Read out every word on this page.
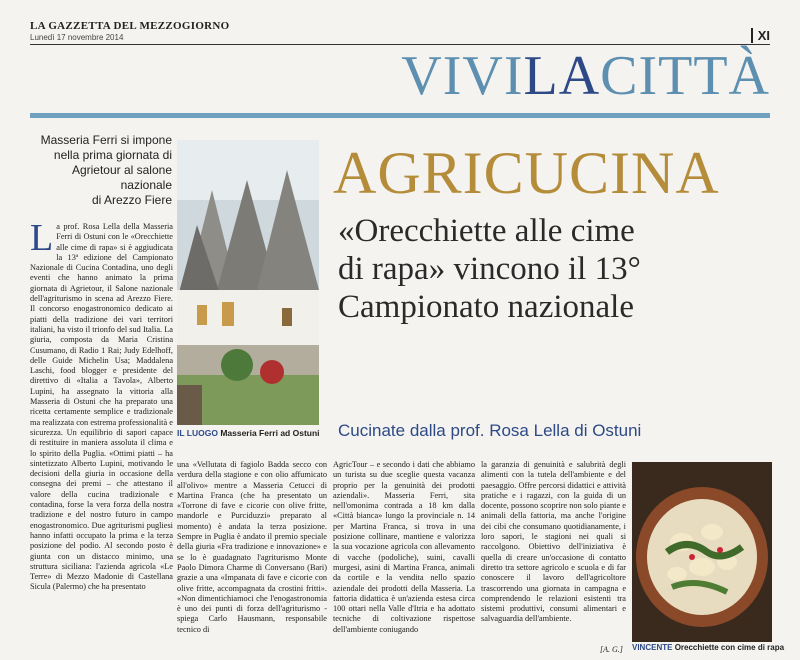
LA GAZZETTA DEL MEZZOGIORNO
Lunedì 17 novembre 2014	XI
VIVILACITTÀ
Masseria Ferri si impone
nella prima giornata di
Agrietour al salone nazionale
di Arezzo Fiere
IL LUOGO Masseria Ferri ad Ostuni
AGRICUCINA
«Orecchiette alle cime
di rapa» vincono il 13°
Campionato nazionale
Cucinate dalla prof. Rosa Lella di Ostuni
La prof. Rosa Lella della Masseria Ferri di Ostuni con le «Orecchiette alle cime di rapa» si è aggiudicata la 13ª edizione del Campionato Nazionale di Cucina Contadina, uno degli eventi che hanno animato la prima giornata di Agrietour, il Salone nazionale dell'agriturismo in scena ad Arezzo Fiere. Il concorso enogastronomico dedicato ai piatti della tradizione dei vari territori italiani, ha visto il trionfo del sud Italia. La giuria, composta da Maria Cristina Cusumano, di Radio 1 Rai; Judy Edelhoff, delle Guide Michelin Usa; Maddalena Laschi, food blogger e presidente del direttivo di «Italia a Tavola», Alberto Lupini, ha assegnato la vittoria alla Masseria di Ostuni che ha preparato una ricetta certamente semplice e tradizionale ma realizzata con estrema professionalità e sicurezza. Un equilibrio di sapori capace di restituire in maniera assoluta il clima e lo spirito della Puglia. «Ottimi piatti – ha sintetizzato Alberto Lupini, motivando le decisioni della giuria in occasione della consegna dei premi – che attestano il valore della cucina tradizionale e contadina, forse la vera forza della nostra tradizione e del nostro futuro in campo enogastronomico. Due agriturismi pugliesi hanno infatti occupato la prima e la terza posizione del podio. Al secondo posto è giunta con un distacco minimo, una struttura siciliana: l'azienda agricola «Le Terre» di Mezzo Madonie di Castellana Sicula (Palermo) che ha presentato
una «Vellutata di fagiolo Badda secco con verdura della stagione e con olio affumicato all'olivo» mentre a Masseria Cetucci di Martina Franca (che ha presentato un «Torrone di fave e cicorie con olive fritte, mandorle e Purciduzzi» preparato al momento) è andata la terza posizione. Sempre in Puglia è andato il premio speciale della giuria «Fra tradizione e innovazione» e se lo è guadagnato l'agriturismo Monte Paolo Dimora Charme di Conversano (Bari) grazie a una «Impanata di fave e cicorie con olive fritte, accompagnata da crostini fritti». «Non dimentichiamoci che l'enogastronomia è uno dei punti di forza dell'agriturismo - spiega Carlo Hausmann, responsabile tecnico di
AgricTour – e secondo i dati che abbiamo un turista su due sceglie questa vacanza proprio per la genuinità dei prodotti aziendali». Masseria Ferri, sita nell'omonima contrada a 18 km dalla «Città bianca» lungo la provinciale n. 14 per Martina Franca, si trova in una posizione collinare, mantiene e valorizza la sua vocazione agricola con allevamento di vacche (podoliche), suini, cavalli murgesi, asini di Martina Franca, animali da cortile e la vendita nello spazio aziendale dei prodotti della Masseria. La fattoria didattica è un'azienda estesa circa 100 ottari nella Valle d'Itria e ha adottato tecniche di coltivazione rispettose dell'ambiente coniugando
la garanzia di genuinità e salubrità degli alimenti con la tutela dell'ambiente e del paesaggio. Offre percorsi didattici e attività pratiche e i ragazzi, con la guida di un docente, possono scoprire non solo piante e animali della fattoria, ma anche l'origine dei cibi che consumano quotidianamente, i loro sapori, le stagioni nei quali si raccolgono. Obiettivo dell'iniziativa è quella di creare un'occasione di contatto diretto tra settore agricolo e scuola e di far conoscere il lavoro dell'agricoltore trascorrendo una giornata in campagna e comprendendo le relazioni esistenti tra sistemi produttivi, consumi alimentari e salvaguardia dell'ambiente.
VINCENTE Orecchiette con cime di rapa
[A. G.]
